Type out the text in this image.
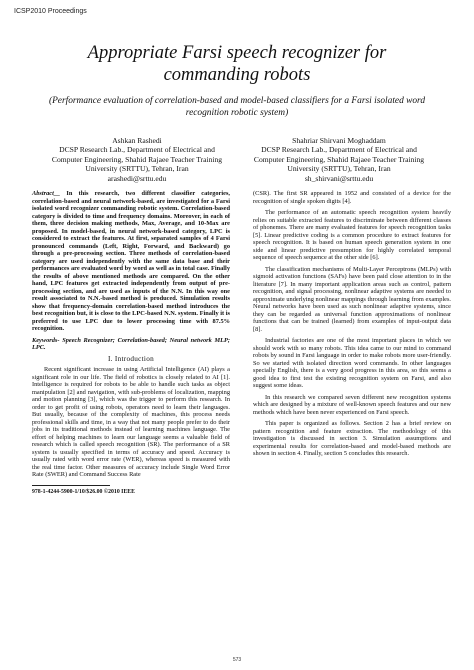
ICSP2010 Proceedings
Appropriate Farsi speech recognizer for commanding robots
(Performance evaluation of correlation-based and model-based classifiers for a Farsi isolated word recognition robotic system)
Ashkan Rashedi
DCSP Research Lab., Department of Electrical and
Computer Engineering, Shahid Rajaee Teacher Training
University (SRTTU), Tehran, Iran
arashedi@srttu.edu
Shahriar Shirvani Moghaddam
DCSP Research Lab., Department of Electrical and
Computer Engineering, Shahid Rajaee Teacher Training
University (SRTTU), Tehran, Iran
sh_shirvani@srttu.edu

Abstract__ In this research, two different classifier categories, correlation-based and neural network-based, are investigated for a Farsi isolated word recognizer commanding robotic system. Correlation-based category is divided to time and frequency domains. Moreover, in each of them, three decision making methods, Max, Average, and 10-Max are proposed. In model-based, in neural network-based category, LPC is considered to extract the features. At first, separated samples of 4 Farsi pronounced commands (Left, Right, Forward, and Backward) go through a pre-processing section. Three methods of correlation-based category are used independently with the same data base and their performances are evaluated word by word as well as in total case. Finally the results of above mentioned methods are compared. On the other hand, LPC features get extracted independently from output of pre-processing section, and are used as inputs of the N.N. In this way one result associated to N.N.-based method is produced. Simulation results show that frequency-domain correlation-based method introduces the best recognition but, it is close to the LPC-based N.N. system. Finally it is preferred to use LPC due to lower processing time with 87.5% recognition.

Keywords- Speech Recognizer; Correlation-based; Neural network MLP; LPC.

I. Introduction

Recent significant increase in using Artificial Intelligence (AI) plays a significant role in our life. The field of robotics is closely related to AI [1]. Intelligence is required for robots to be able to handle such tasks as object manipulation [2] and navigation, with sub-problems of localization, mapping and motion planning [3], which was the trigger to perform this research. In order to get profit of using robots, operators need to learn their languages. But usually, because of the complexity of machines, this process needs professional skills and time, in a way that not many people prefer to do their jobs in its traditional methods instead of learning machines language. The effort of helping machines to learn our language seems a valuable field of research which is called speech recognition (SR). The performance of a SR system is usually specified in terms of accuracy and speed. Accuracy is usually rated with word error rate (WER), whereas speed is measured with the real time factor. Other measures of accuracy include Single Word Error Rate (SWER) and Command Success Rate

978-1-4244-5900-1/10/$26.00 ©2010 IEEE

(CSR). The first SR appeared in 1952 and consisted of a device for the recognition of single spoken digits [4].

The performance of an automatic speech recognition system heavily relies on suitable extracted features to discriminate between different classes of phonemes. There are many evaluated features for speech recognition tasks [5]. Linear predictive coding is a common procedure to extract features for speech recognition. It is based on human speech generation system in one side and linear predictive presumption for highly correlated temporal sequence of speech sequence at the other side [6].

The classification mechanisms of Multi-Layer Perceptrons (MLPs) with sigmoid activation functions (SAFs) have been paid close attention to in the literature [7]. In many important application areas such as control, pattern recognition, and signal processing, nonlinear adaptive systems are needed to approximate underlying nonlinear mappings through learning from examples. Neural networks have been used as such nonlinear adaptive systems, since they can be regarded as universal function approximations of nonlinear functions that can be trained (learned) from examples of input-output data [8].

Industrial factories are one of the most important places in which we should work with so many robots. This idea came to our mind to command robots by sound in Farsi language in order to make robots more user-friendly. So we started with isolated direction word commands. In other languages specially English, there is a very good progress in this area, so this seems a good idea to first test the existing recognition system on Farsi, and also suggest some ideas.

In this research we compared seven different new recognition systems which are designed by a mixture of well-known speech features and our new methods which have been never experienced on Farsi speech.

This paper is organized as follows. Section 2 has a brief review on pattern recognition and feature extraction. The methodology of this investigation is discussed in section 3. Simulation assumptions and experimental results for correlation-based and model-based methods are shown in section 4. Finally, section 5 concludes this research.

573
